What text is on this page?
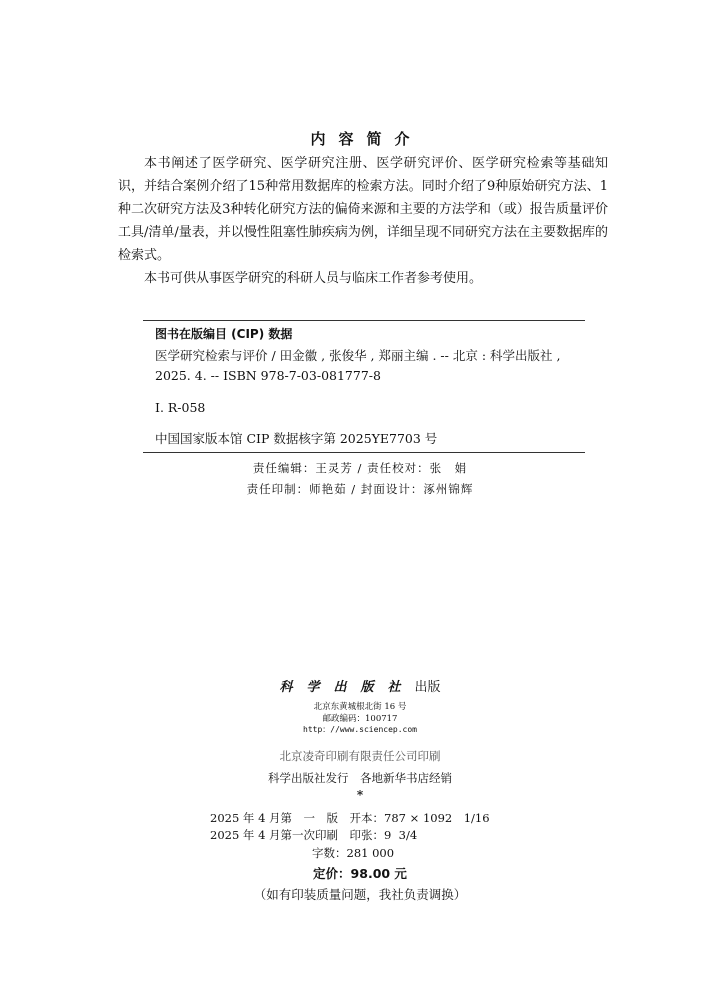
内容简介

本书阐述了医学研究、医学研究注册、医学研究评价、医学研究检索等基础知识，并结合案例介绍了15种常用数据库的检索方法。同时介绍了9种原始研究方法、1种二次研究方法及3种转化研究方法的偏倚来源和主要的方法学和（或）报告质量评价工具/清单/量表，并以慢性阻塞性肺疾病为例，详细呈现不同研究方法在主要数据库的检索式。

本书可供从事医学研究的科研人员与临床工作者参考使用。

图书在版编目 (CIP) 数据
医学研究检索与评价 / 田金徽 , 张俊华 , 郑丽主编 . -- 北京 : 科学出版社 ,
2025. 4. -- ISBN 978-7-03-081777-8
Ⅰ. R-058
中国国家版本馆 CIP 数据核字第 2025YE7703 号
责任编辑：王灵芳 / 责任校对：张　娟
责任印制：师艳茹 / 封面设计：涿州锦辉
科学出版社出版
北京东黄城根北街 16 号
邮政编码：100717
http：//www.sciencep.com
北京凌奇印刷有限责任公司印刷
科学出版社发行　各地新华书店经销
*
2025 年 4 月第　一　版　开本：787 × 1092　1/16
2025 年 4 月第一次印刷　印张：9  3/4
字数：281 000
定价：98.00 元
（如有印装质量问题，我社负责调换）
